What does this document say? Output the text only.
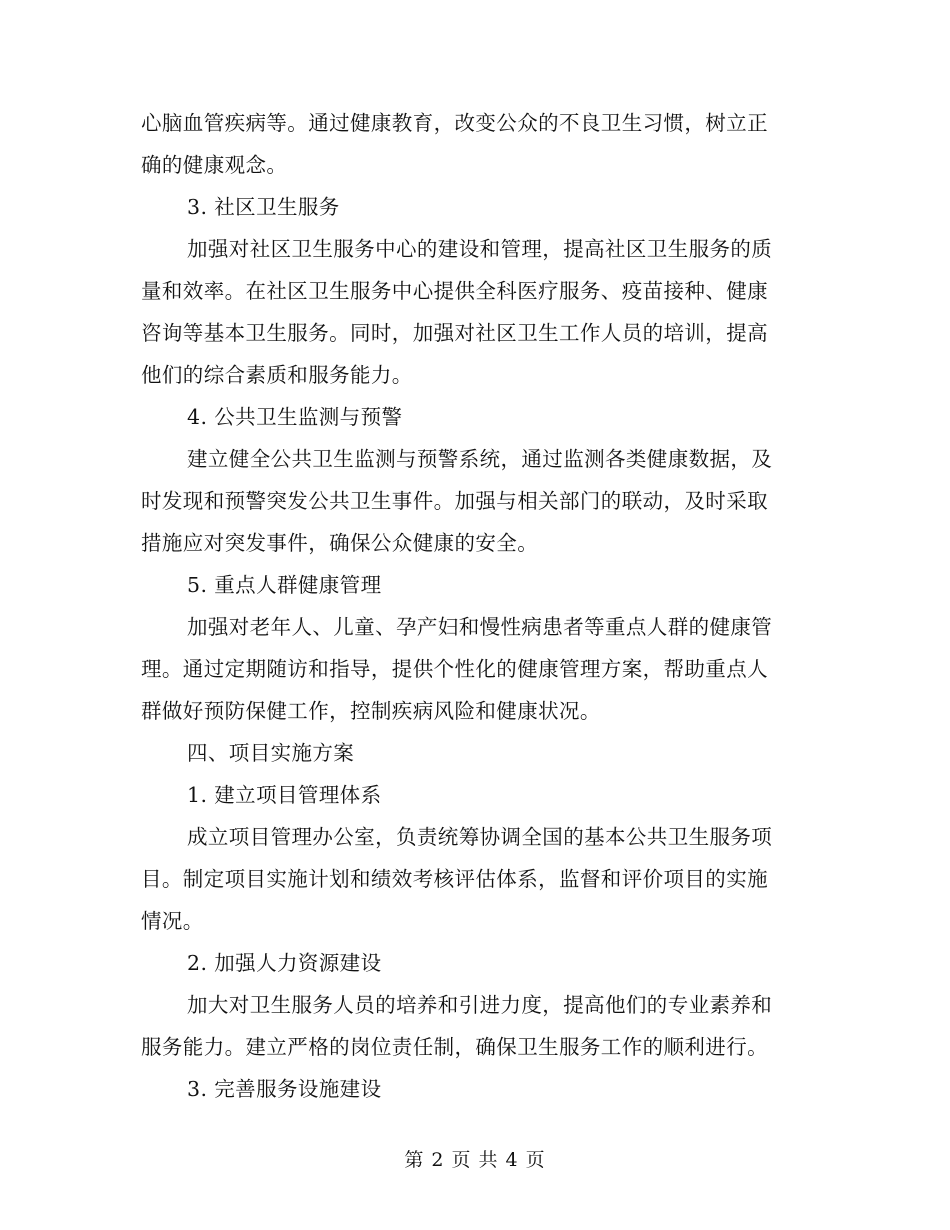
心脑血管疾病等。通过健康教育，改变公众的不良卫生习惯，树立正
确的健康观念。
3. 社区卫生服务
加强对社区卫生服务中心的建设和管理，提高社区卫生服务的质
量和效率。在社区卫生服务中心提供全科医疗服务、疫苗接种、健康
咨询等基本卫生服务。同时，加强对社区卫生工作人员的培训，提高
他们的综合素质和服务能力。
4. 公共卫生监测与预警
建立健全公共卫生监测与预警系统，通过监测各类健康数据，及
时发现和预警突发公共卫生事件。加强与相关部门的联动，及时采取
措施应对突发事件，确保公众健康的安全。
5. 重点人群健康管理
加强对老年人、儿童、孕产妇和慢性病患者等重点人群的健康管
理。通过定期随访和指导，提供个性化的健康管理方案，帮助重点人
群做好预防保健工作，控制疾病风险和健康状况。
四、项目实施方案
1. 建立项目管理体系
成立项目管理办公室，负责统筹协调全国的基本公共卫生服务项
目。制定项目实施计划和绩效考核评估体系，监督和评价项目的实施
情况。
2. 加强人力资源建设
加大对卫生服务人员的培养和引进力度，提高他们的专业素养和
服务能力。建立严格的岗位责任制，确保卫生服务工作的顺利进行。
3. 完善服务设施建设
第 2 页 共 4 页
